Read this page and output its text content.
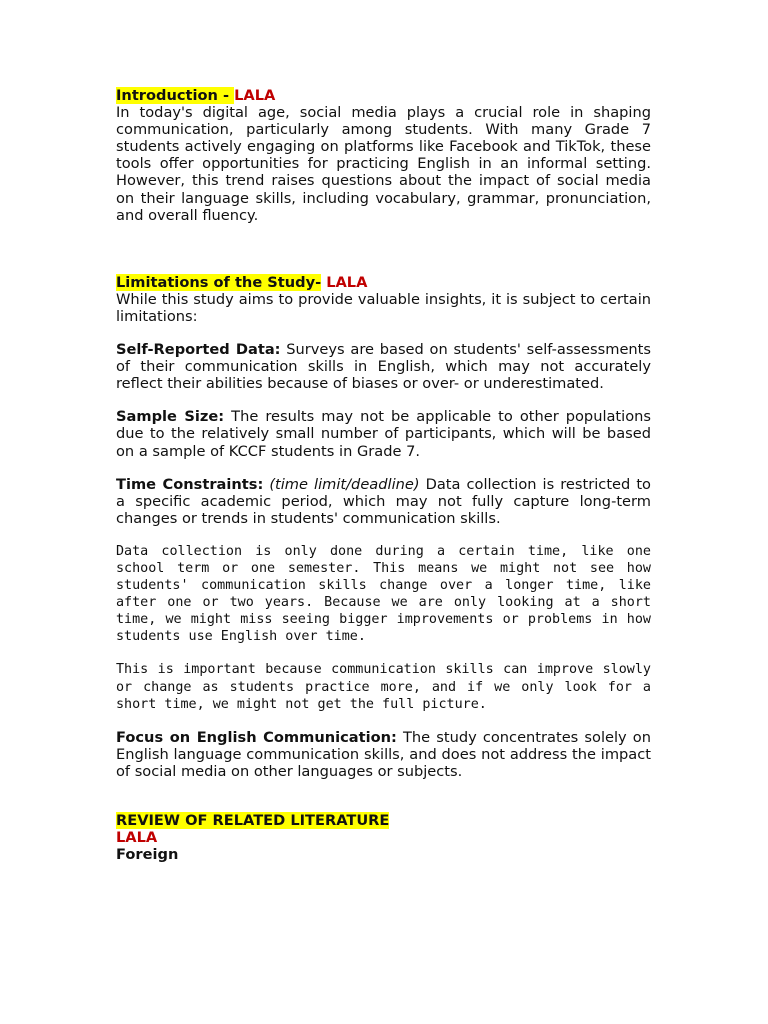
Introduction - LALA

In today's digital age, social media plays a crucial role in shaping communication, particularly among students. With many Grade 7 students actively engaging on platforms like Facebook and TikTok, these tools offer opportunities for practicing English in an informal setting. However, this trend raises questions about the impact of social media on their language skills, including vocabulary, grammar, pronunciation, and overall fluency.

Limitations of the Study- LALA

While this study aims to provide valuable insights, it is subject to certain limitations:

Self-Reported Data: Surveys are based on students' self-assessments of their communication skills in English, which may not accurately reflect their abilities because of biases or over- or underestimated.

Sample Size: The results may not be applicable to other populations due to the relatively small number of participants, which will be based on a sample of KCCF students in Grade 7.

Time Constraints: (time limit/deadline) Data collection is restricted to a specific academic period, which may not fully capture long-term changes or trends in students' communication skills.

Data collection is only done during a certain time, like one school term or one semester. This means we might not see how students' communication skills change over a longer time, like after one or two years. Because we are only looking at a short time, we might miss seeing bigger improvements or problems in how students use English over time.

This is important because communication skills can improve slowly or change as students practice more, and if we only look for a short time, we might not get the full picture.

Focus on English Communication: The study concentrates solely on English language communication skills, and does not address the impact of social media on other languages or subjects.

REVIEW OF RELATED LITERATURE

LALA

Foreign
